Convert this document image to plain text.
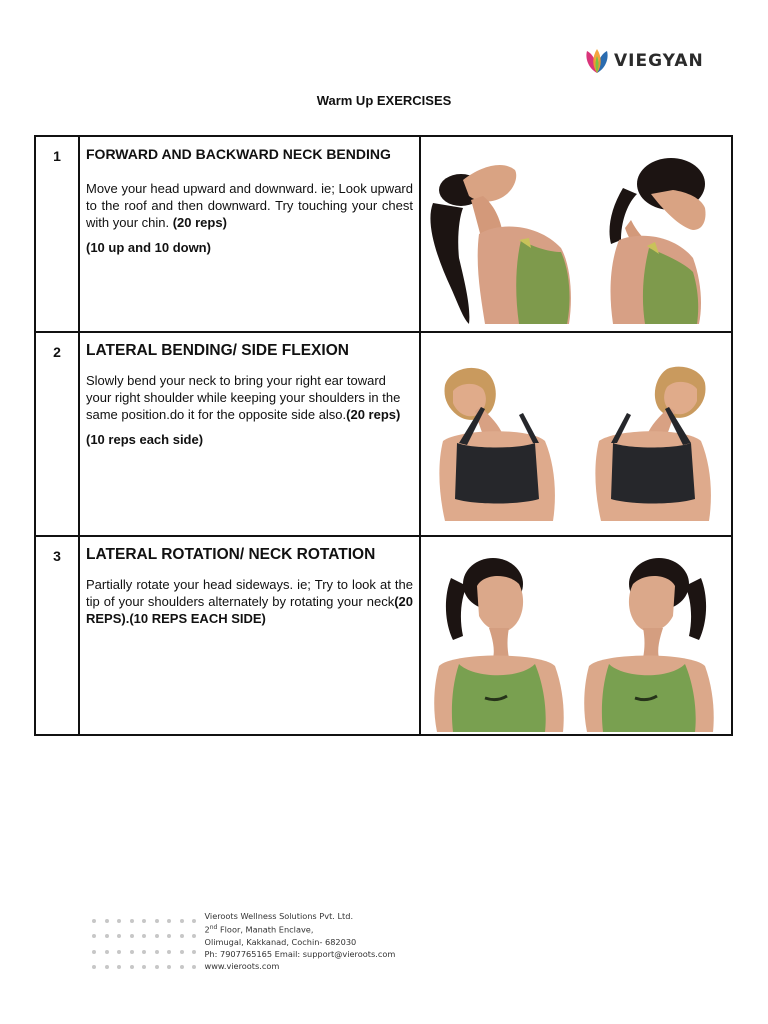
VIEGYAN
Warm Up EXERCISES
1	FORWARD AND BACKWARD NECK BENDING
Move your head upward and downward. ie; Look upward to the roof and then downward. Try touching your chest with your chin. (20 reps)
(10 up and 10 down)

2	LATERAL BENDING/ SIDE FLEXION
Slowly bend your neck to bring your right ear toward your right shoulder while keeping your shoulders in the same position.do it for the opposite side also.(20 reps)
(10 reps each side)

3	LATERAL ROTATION/ NECK ROTATION
Partially rotate your head sideways. ie; Try to look at the tip of your shoulders alternately by rotating your neck(20 REPS).(10 REPS EACH SIDE)

Vieroots Wellness Solutions Pvt. Ltd.
2nd Floor, Manath Enclave,
Olimugal, Kakkanad, Cochin- 682030
Ph: 7907765165 Email: support@vieroots.com
www.vieroots.com
